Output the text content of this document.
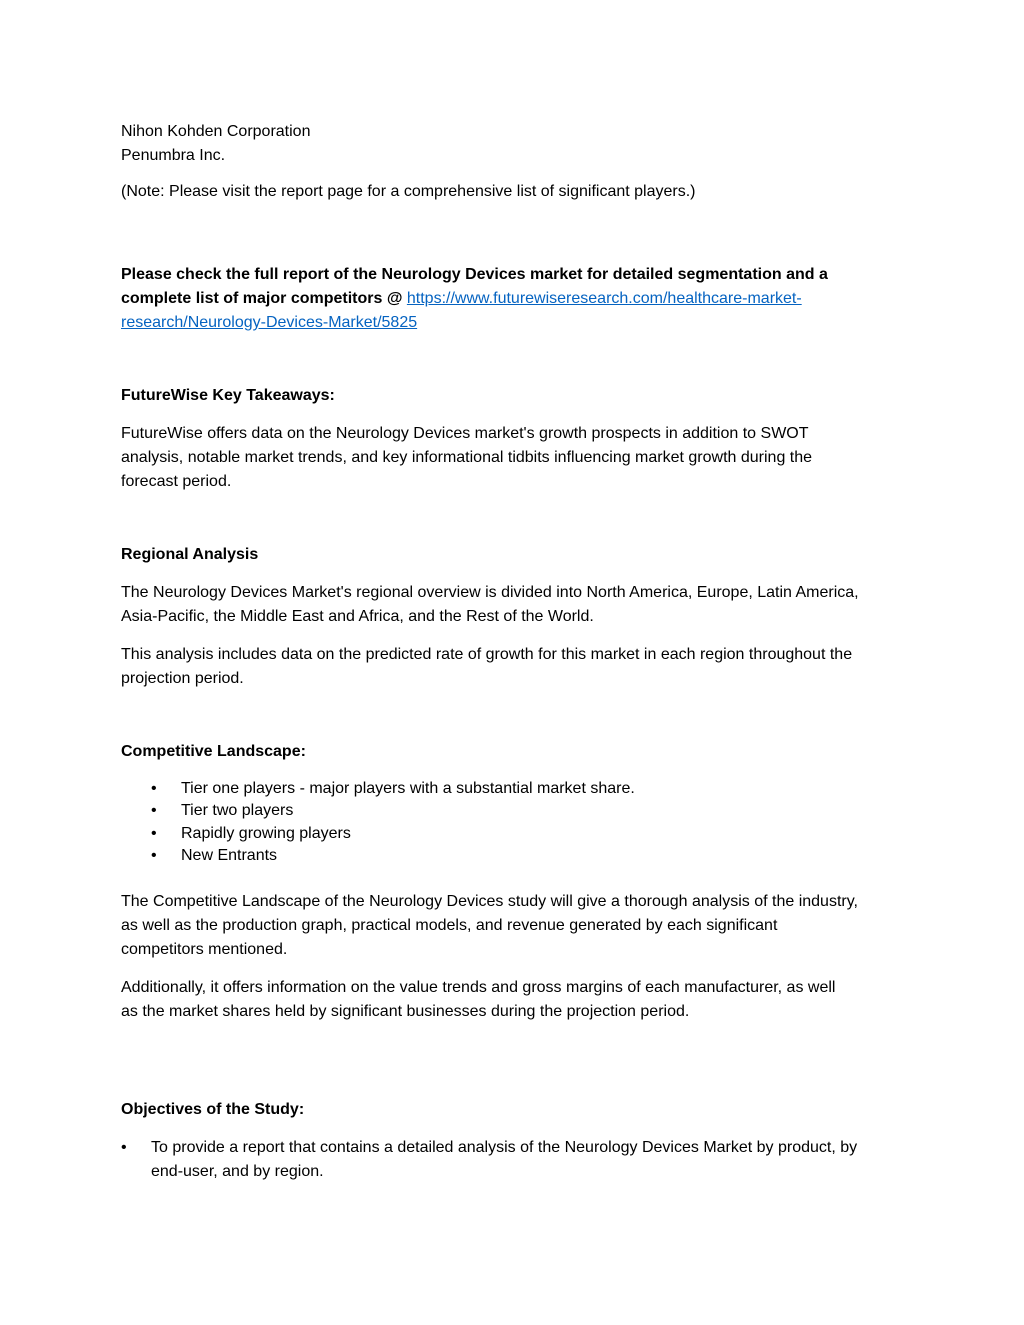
Nihon Kohden Corporation
Penumbra Inc.

(Note: Please visit the report page for a comprehensive list of significant players.)

Please check the full report of the Neurology Devices market for detailed segmentation and a
complete list of major competitors @ https://www.futurewiseresearch.com/healthcare-market-
research/Neurology-Devices-Market/5825

FutureWise Key Takeaways:

FutureWise offers data on the Neurology Devices market's growth prospects in addition to SWOT
analysis, notable market trends, and key informational tidbits influencing market growth during the
forecast period.

Regional Analysis

The Neurology Devices Market's regional overview is divided into North America, Europe, Latin America,
Asia-Pacific, the Middle East and Africa, and the Rest of the World.

This analysis includes data on the predicted rate of growth for this market in each region throughout the
projection period.

Competitive Landscape:

• Tier one players - major players with a substantial market share.
• Tier two players
• Rapidly growing players
• New Entrants

The Competitive Landscape of the Neurology Devices study will give a thorough analysis of the industry,
as well as the production graph, practical models, and revenue generated by each significant
competitors mentioned.

Additionally, it offers information on the value trends and gross margins of each manufacturer, as well
as the market shares held by significant businesses during the projection period.

Objectives of the Study:

• To provide a report that contains a detailed analysis of the Neurology Devices Market by product, by
end-user, and by region.
